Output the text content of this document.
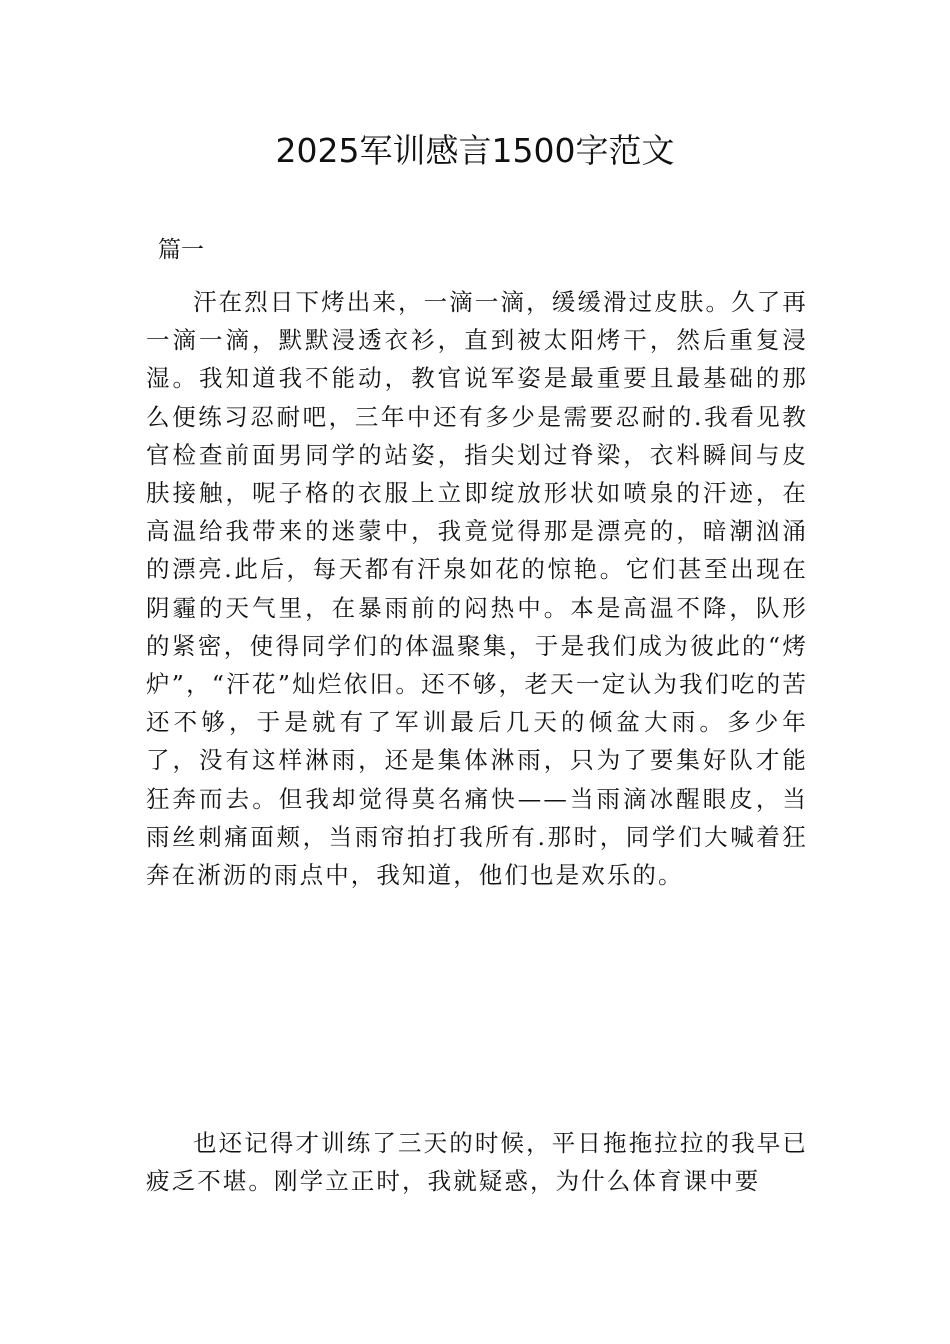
2025军训感言1500字范文
篇一

汗在烈日下烤出来，一滴一滴，缓缓滑过皮肤。久了再一滴一滴，默默浸透衣衫，直到被太阳烤干，然后重复浸湿。我知道我不能动，教官说军姿是最重要且最基础的那么便练习忍耐吧，三年中还有多少是需要忍耐的.我看见教官检查前面男同学的站姿，指尖划过脊梁，衣料瞬间与皮肤接触，呢子格的衣服上立即绽放形状如喷泉的汗迹，在高温给我带来的迷蒙中，我竟觉得那是漂亮的，暗潮汹涌的漂亮.此后，每天都有汗泉如花的惊艳。它们甚至出现在阴霾的天气里，在暴雨前的闷热中。本是高温不降，队形的紧密，使得同学们的体温聚集，于是我们成为彼此的“烤炉”，“汗花”灿烂依旧。还不够，老天一定认为我们吃的苦还不够，于是就有了军训最后几天的倾盆大雨。多少年了，没有这样淋雨，还是集体淋雨，只为了要集好队才能狂奔而去。但我却觉得莫名痛快——当雨滴冰醒眼皮，当雨丝刺痛面颊，当雨帘拍打我所有.那时，同学们大喊着狂奔在淅沥的雨点中，我知道，他们也是欢乐的。

也还记得才训练了三天的时候，平日拖拖拉拉的我早已疲乏不堪。刚学立正时，我就疑惑，为什么体育课中要
